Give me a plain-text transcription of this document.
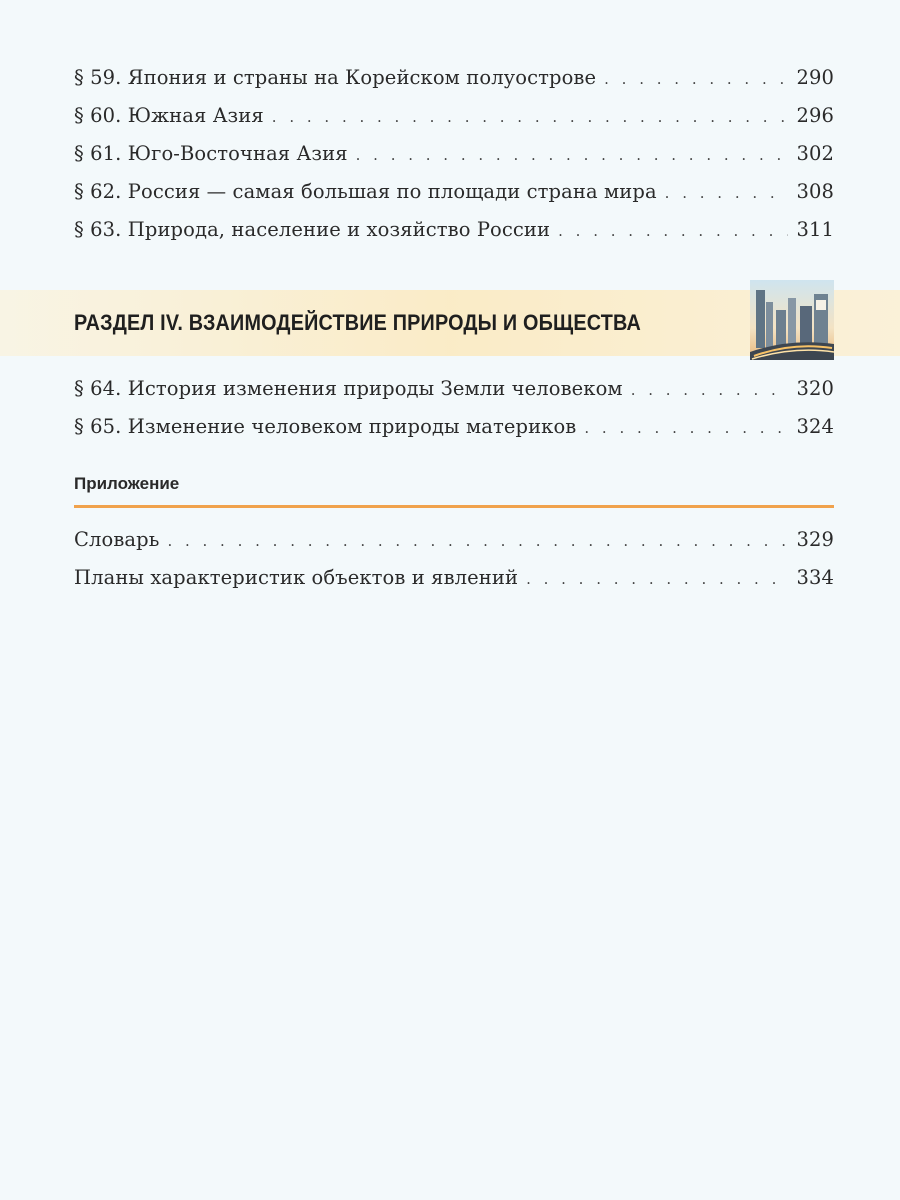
§ 59. Япония и страны на Корейском полуострове . . .	290
§ 60. Южная Азия . . .	296
§ 61. Юго-Восточная Азия . . .	302
§ 62. Россия — самая большая по площади страна мира . . .	308
§ 63. Природа, население и хозяйство России . . .	311
РАЗДЕЛ IV. ВЗАИМОДЕЙСТВИЕ ПРИРОДЫ И ОБЩЕСТВА
§ 64. История изменения природы Земли человеком . . .	320
§ 65. Изменение человеком природы материков . . .	324
Приложение
Словарь . . .	329
Планы характеристик объектов и явлений . . .	334
